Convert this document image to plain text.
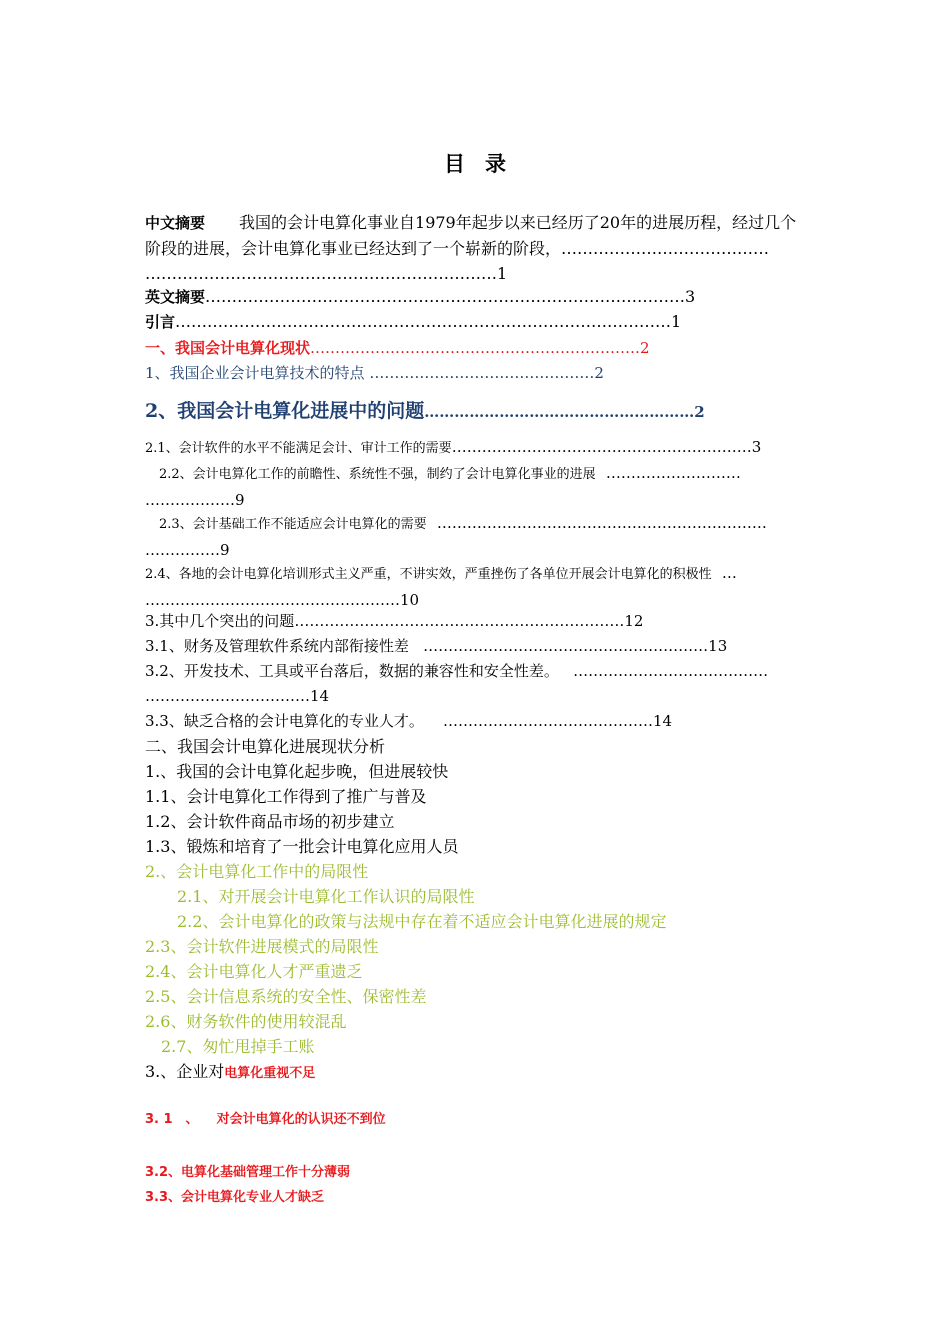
目录
中文摘要 我国的会计电算化事业自1979年起步以来已经历了20年的进展历程，经过几个阶段的进展，会计电算化事业已经达到了一个崭新的阶段，…………………………………
…………………………………………………………1
英文摘要………………………………………………………………………………3
引言…………………………………………………………………………………1
一、我国会计电算化现状…………………………………………………………2
1、我国企业会计电算技术的特点 ………………………………………2
2、我国会计电算化进展中的问题………………………………………………2
2.1、会计软件的水平不能满足会计、审计工作的需要……………………………………………………3
2.2、会计电算化工作的前瞻性、系统性不强，制约了会计电算化事业的进展 ………………………
………………9
2.3、会计基础工作不能适应会计电算化的需要 …………………………………………………………
……………9
2.4、各地的会计电算化培训形式主义严重，不讲实效，严重挫伤了各单位开展会计电算化的积极性 …
……………………………………………10
3.其中几个突出的问题…………………………………………………………12
3.1、财务及管理软件系统内部衔接性差 …………………………………………………13
3.2、开发技术、工具或平台落后，数据的兼容性和安全性差。 …………………………………
……………………………14
3.3、缺乏合格的会计电算化的专业人才。 ……………………………………14
二、我国会计电算化进展现状分析
1.、我国的会计电算化起步晚，但进展较快
1.1、会计电算化工作得到了推广与普及
1.2、会计软件商品市场的初步建立
1.3、锻炼和培育了一批会计电算化应用人员
2.、会计电算化工作中的局限性
2.1、对开展会计电算化工作认识的局限性
2.2、会计电算化的政策与法规中存在着不适应会计电算化进展的规定
2.3、会计软件进展模式的局限性
2.4、会计电算化人才严重遗乏
2.5、会计信息系统的安全性、保密性差
2.6、财务软件的使用较混乱
2.7、匆忙甩掉手工账
3.、企业对电算化重视不足
3. 1　、 对会计电算化的认识还不到位
3.2、电算化基础管理工作十分薄弱
3.3、会计电算化专业人才缺乏
